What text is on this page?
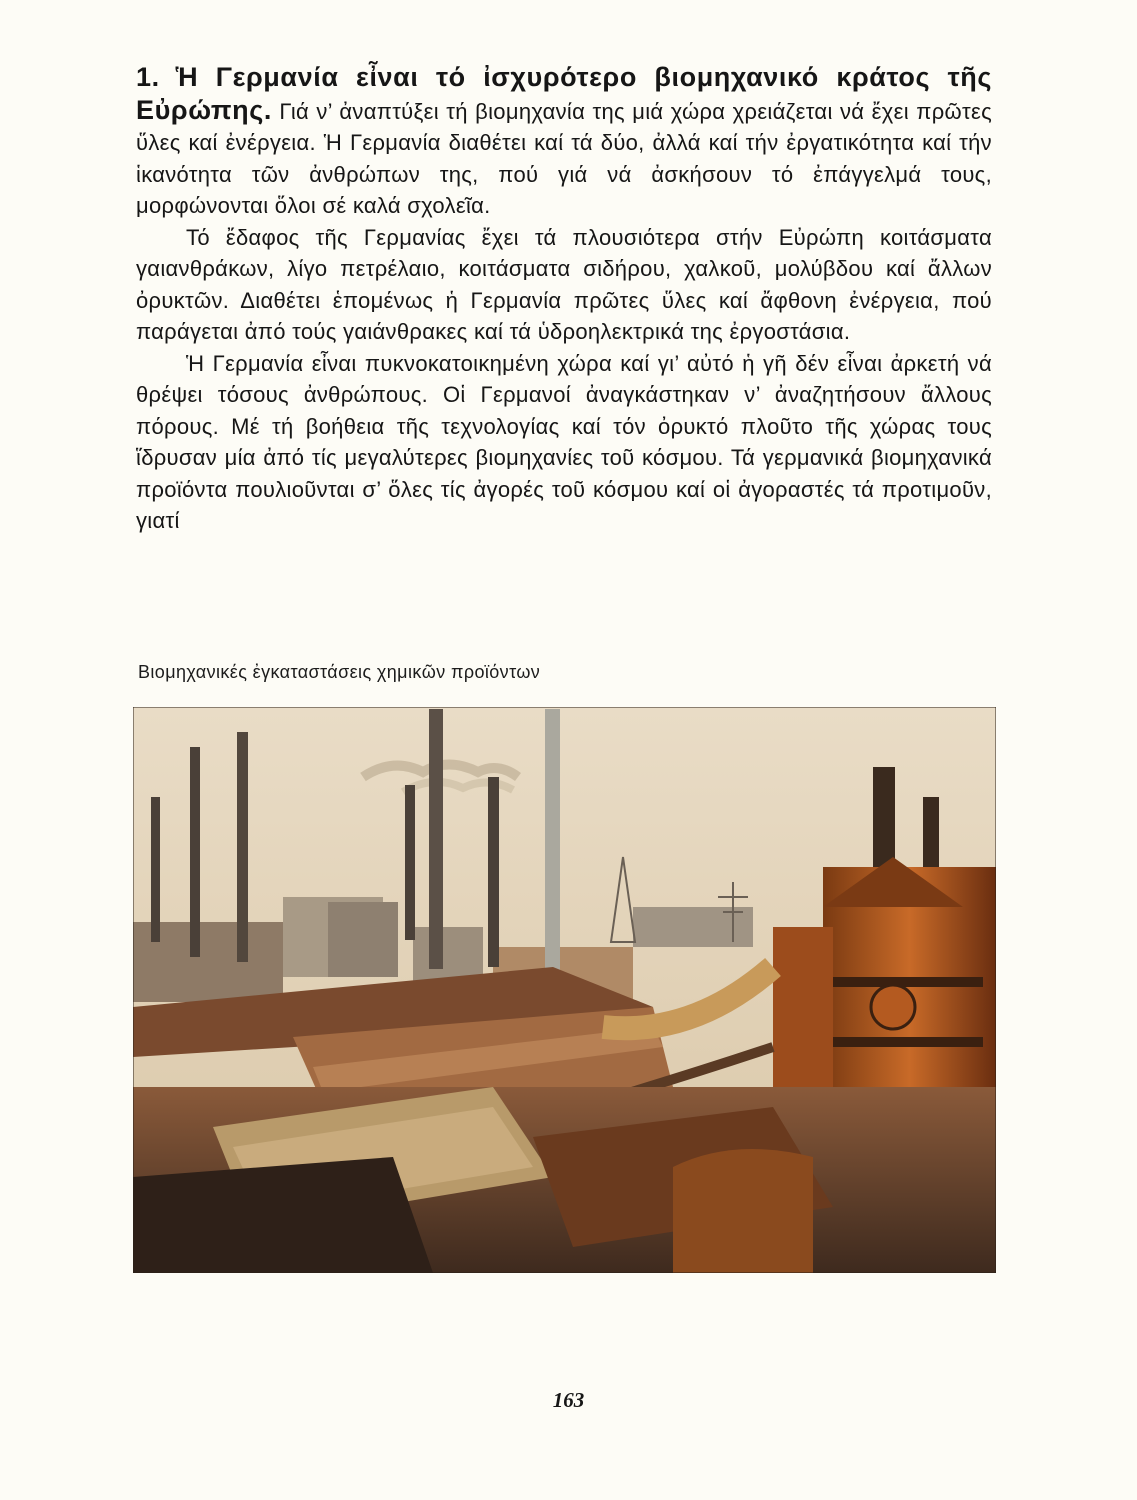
1. Ἡ Γερμανία εἶναι τό ἰσχυρότερο βιομηχανικό κράτος τῆς Εὐρώπης. Γιά ν’ ἀναπτύξει τή βιομηχανία της μιά χώρα χρειάζεται νά ἔχει πρῶτες ὕλες καί ἐνέργεια. Ἡ Γερμανία διαθέτει καί τά δύο, ἀλλά καί τήν ἐργατικότητα καί τήν ἱκανότητα τῶν ἀνθρώπων της, πού γιά νά ἀσκήσουν τό ἐπάγγελμά τους, μορφώνονται ὅλοι σέ καλά σχολεῖα.

Τό ἔδαφος τῆς Γερμανίας ἔχει τά πλουσιότερα στήν Εὐρώπη κοιτάσματα γαιανθράκων, λίγο πετρέλαιο, κοιτάσματα σιδήρου, χαλκοῦ, μολύβδου καί ἄλλων ὀρυκτῶν. Διαθέτει ἑπομένως ἡ Γερμανία πρῶτες ὕλες καί ἄφθονη ἐνέργεια, πού παράγεται ἀπό τούς γαιάνθρακες καί τά ὑδροηλεκτρικά της ἐργοστάσια.

Ἡ Γερμανία εἶναι πυκνοκατοικημένη χώρα καί γι’ αὐτό ἡ γῆ δέν εἶναι ἀρκετή νά θρέψει τόσους ἀνθρώπους. Οἱ Γερμανοί ἀναγκάστηκαν ν’ ἀναζητήσουν ἄλλους πόρους. Μέ τή βοήθεια τῆς τεχνολογίας καί τόν ὀρυκτό πλοῦτο τῆς χώρας τους ἵδρυσαν μία ἀπό τίς μεγαλύτερες βιομηχανίες τοῦ κόσμου. Τά γερμανικά βιομηχανικά προϊόντα πουλιοῦνται σ’ ὅλες τίς ἀγορές τοῦ κόσμου καί οἱ ἀγοραστές τά προτιμοῦν, γιατί

Βιομηχανικές ἐγκαταστάσεις χημικῶν προϊόντων
163
